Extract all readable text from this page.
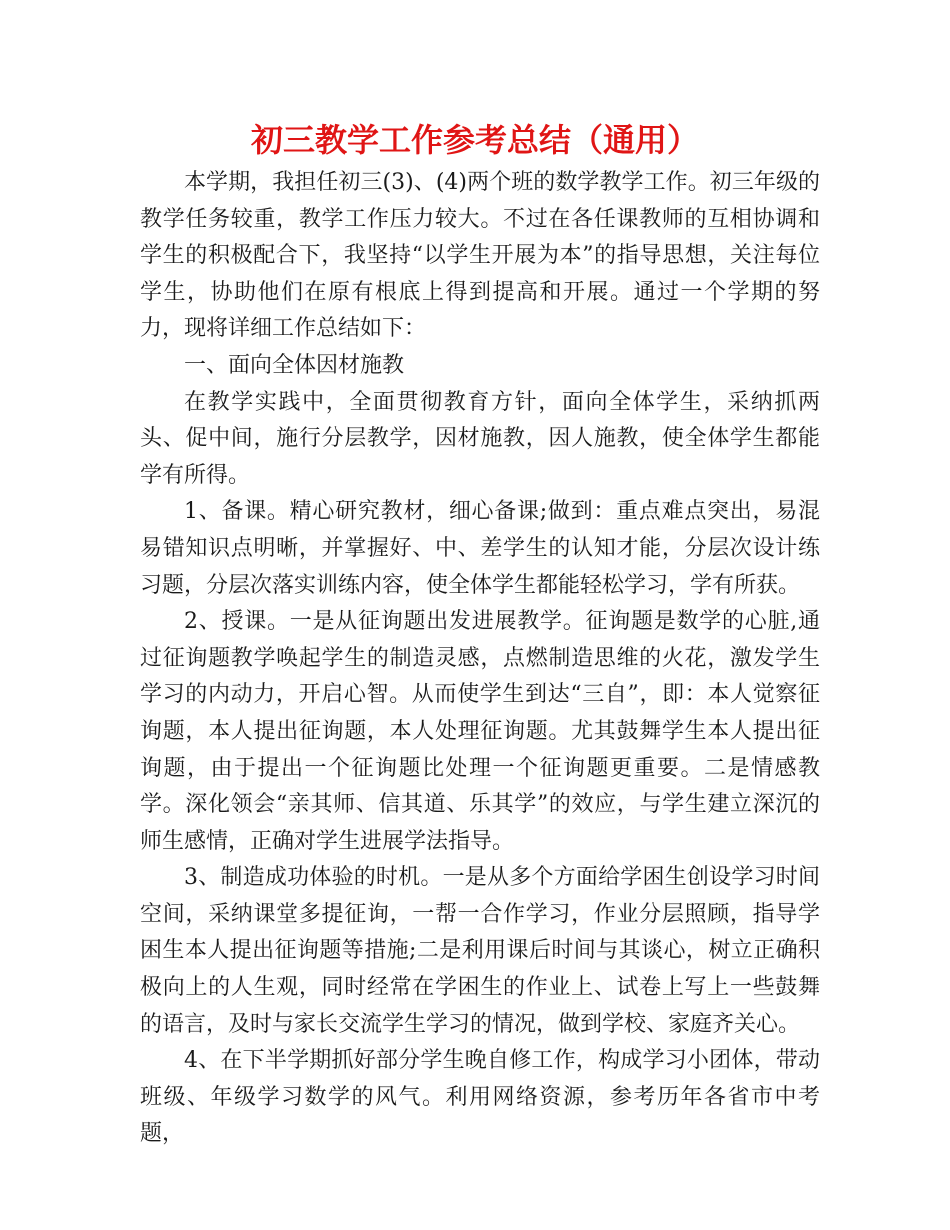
初三教学工作参考总结（通用）

本学期，我担任初三(3)、(4)两个班的数学教学工作。初三年级的教学任务较重，教学工作压力较大。不过在各任课教师的互相协调和学生的积极配合下，我坚持“以学生开展为本”的指导思想，关注每位学生，协助他们在原有根底上得到提高和开展。通过一个学期的努力，现将详细工作总结如下：

一、面向全体因材施教

在教学实践中，全面贯彻教育方针，面向全体学生，采纳抓两头、促中间，施行分层教学，因材施教，因人施教，使全体学生都能学有所得。

1、备课。精心研究教材，细心备课;做到：重点难点突出，易混易错知识点明晰，并掌握好、中、差学生的认知才能，分层次设计练习题，分层次落实训练内容，使全体学生都能轻松学习，学有所获。

2、授课。一是从征询题出发进展教学。征询题是数学的心脏,通过征询题教学唤起学生的制造灵感，点燃制造思维的火花，激发学生学习的内动力，开启心智。从而使学生到达“三自”，即：本人觉察征询题，本人提出征询题，本人处理征询题。尤其鼓舞学生本人提出征询题，由于提出一个征询题比处理一个征询题更重要。二是情感教学。深化领会“亲其师、信其道、乐其学”的效应，与学生建立深沉的师生感情，正确对学生进展学法指导。

3、制造成功体验的时机。一是从多个方面给学困生创设学习时间空间，采纳课堂多提征询，一帮一合作学习，作业分层照顾，指导学困生本人提出征询题等措施;二是利用课后时间与其谈心，树立正确积极向上的人生观，同时经常在学困生的作业上、试卷上写上一些鼓舞的语言，及时与家长交流学生学习的情况，做到学校、家庭齐关心。

4、在下半学期抓好部分学生晚自修工作，构成学习小团体，带动班级、年级学习数学的风气。利用网络资源，参考历年各省市中考题，
